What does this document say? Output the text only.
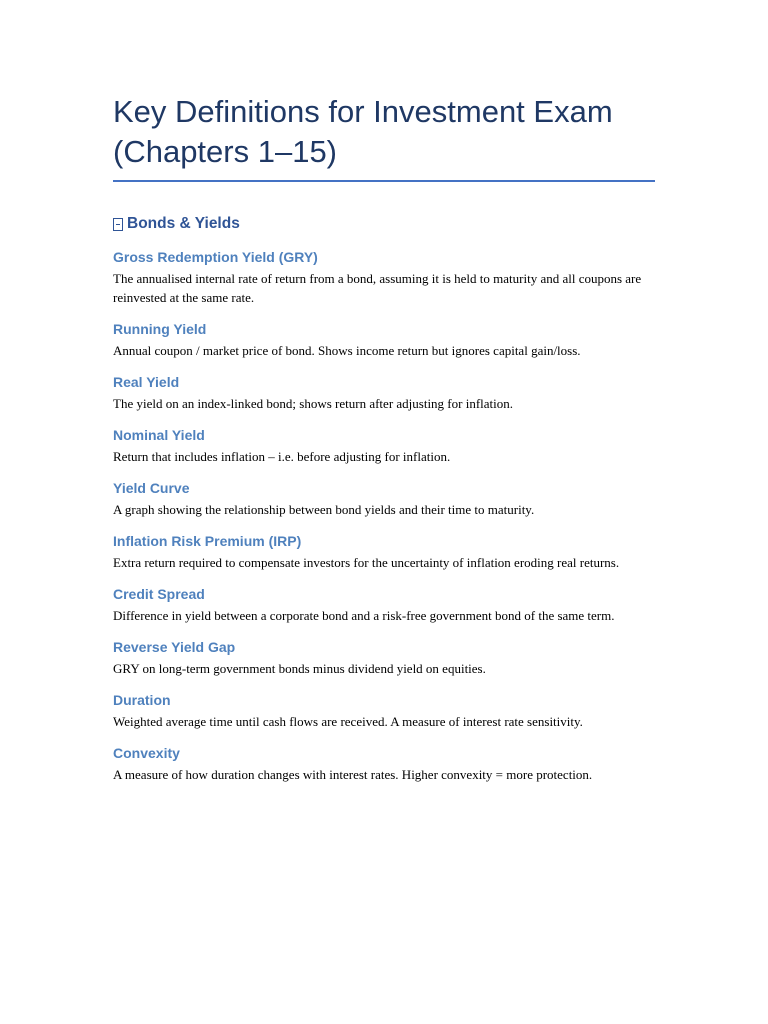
Key Definitions for Investment Exam
(Chapters 1–15)
Bonds & Yields
Gross Redemption Yield (GRY)

The annualised internal rate of return from a bond, assuming it is held to maturity and all coupons are reinvested at the same rate.

Running Yield

Annual coupon / market price of bond. Shows income return but ignores capital gain/loss.

Real Yield

The yield on an index-linked bond; shows return after adjusting for inflation.

Nominal Yield

Return that includes inflation – i.e. before adjusting for inflation.

Yield Curve

A graph showing the relationship between bond yields and their time to maturity.

Inflation Risk Premium (IRP)

Extra return required to compensate investors for the uncertainty of inflation eroding real returns.

Credit Spread

Difference in yield between a corporate bond and a risk-free government bond of the same term.

Reverse Yield Gap

GRY on long-term government bonds minus dividend yield on equities.

Duration

Weighted average time until cash flows are received. A measure of interest rate sensitivity.

Convexity

A measure of how duration changes with interest rates. Higher convexity = more protection.
